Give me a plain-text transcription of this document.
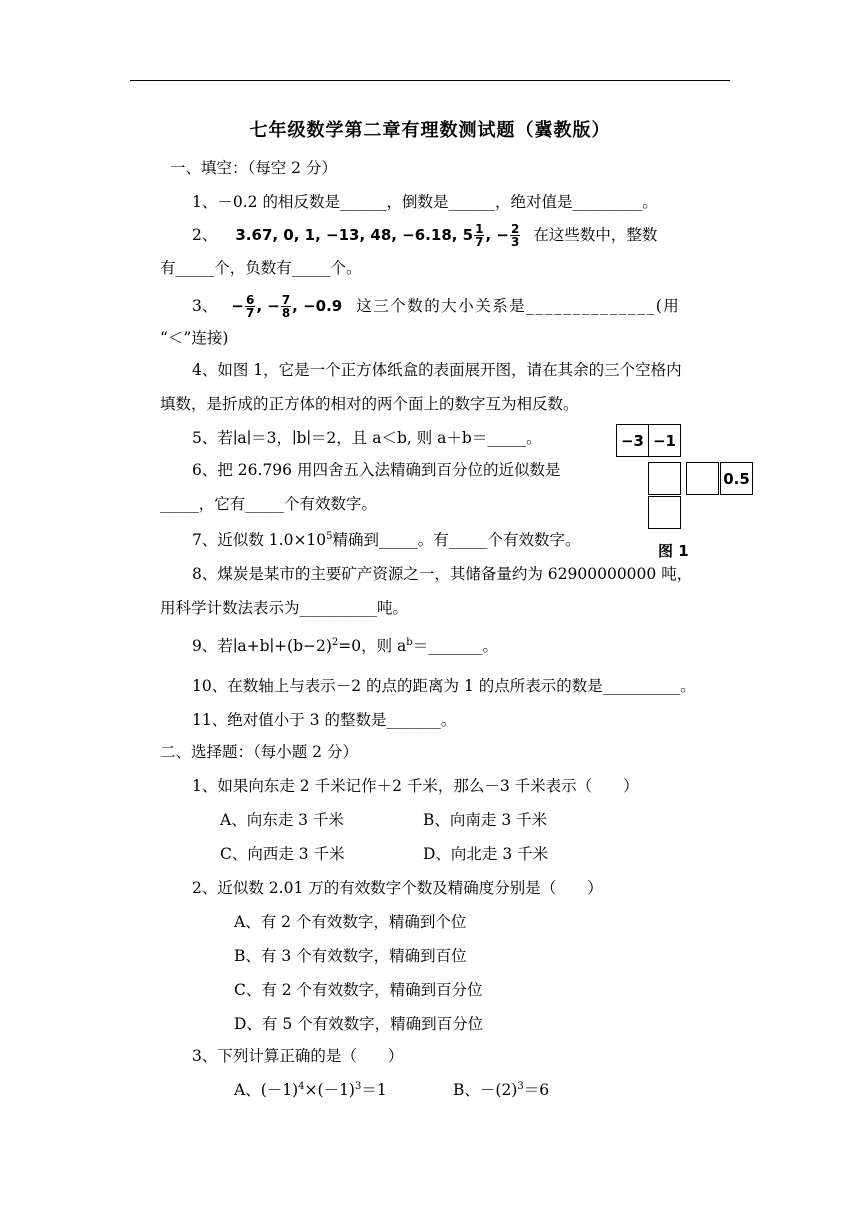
七年级数学第二章有理数测试题（冀教版）
一、填空：（每空 2 分）
1、－0.2 的相反数是______，倒数是______，绝对值是_________。
2、 3.67, 0, 1, −13, 48, −6.18, $5 \frac{1}{7}$ , − $\frac{2}{3}$ 在这些数中，整数
有_____个，负数有_____个。
3、 − $\frac{6}{7}$ , − $\frac{7}{8}$ , −0.9 这三个数的大小关系是______________(用
“＜”连接)
4、如图 1，它是一个正方体纸盒的表面展开图，请在其余的三个空格内
填数，是折成的正方体的相对的两个面上的数字互为相反数。
5、若∣a∣＝3，∣b∣＝2，且 a＜b, 则 a＋b＝_____。
6、把 26.796 用四舍五入法精确到百分位的近似数是
_____，它有_____个有效数字。
7、近似数 $1.0\times 10^5$精确到_____。有_____个有效数字。
8、煤炭是某市的主要矿产资源之一，其储备量约为 62900000000 吨，
用科学计数法表示为__________吨。
9、若$∣a+b∣+(b-2)^2=0$，则 $a^b=\_\_\_\_\_\_\_$。
10、在数轴上与表示－2 的点的距离为 1 的点所表示的数是__________。
11、绝对值小于 3 的整数是_______。
二、选择题：（每小题 2 分）
1、如果向东走 2 千米记作＋2 千米，那么－3 千米表示（　　）
A、向东走 3 千米	B、向南走 3 千米
C、向西走 3 千米	D、向北走 3 千米
2、近似数 2.01 万的有效数字个数及精确度分别是（　　）
A、有 2 个有效数字，精确到个位
B、有 3 个有效数字，精确到百位
C、有 2 个有效数字，精确到百分位
D、有 5 个有效数字，精确到百分位
3、下列计算正确的是（　　）
A、$(-1)^4\times(-1)^3=1$	B、$-(2)^3=6$
−3 −1
0.5
图 1
